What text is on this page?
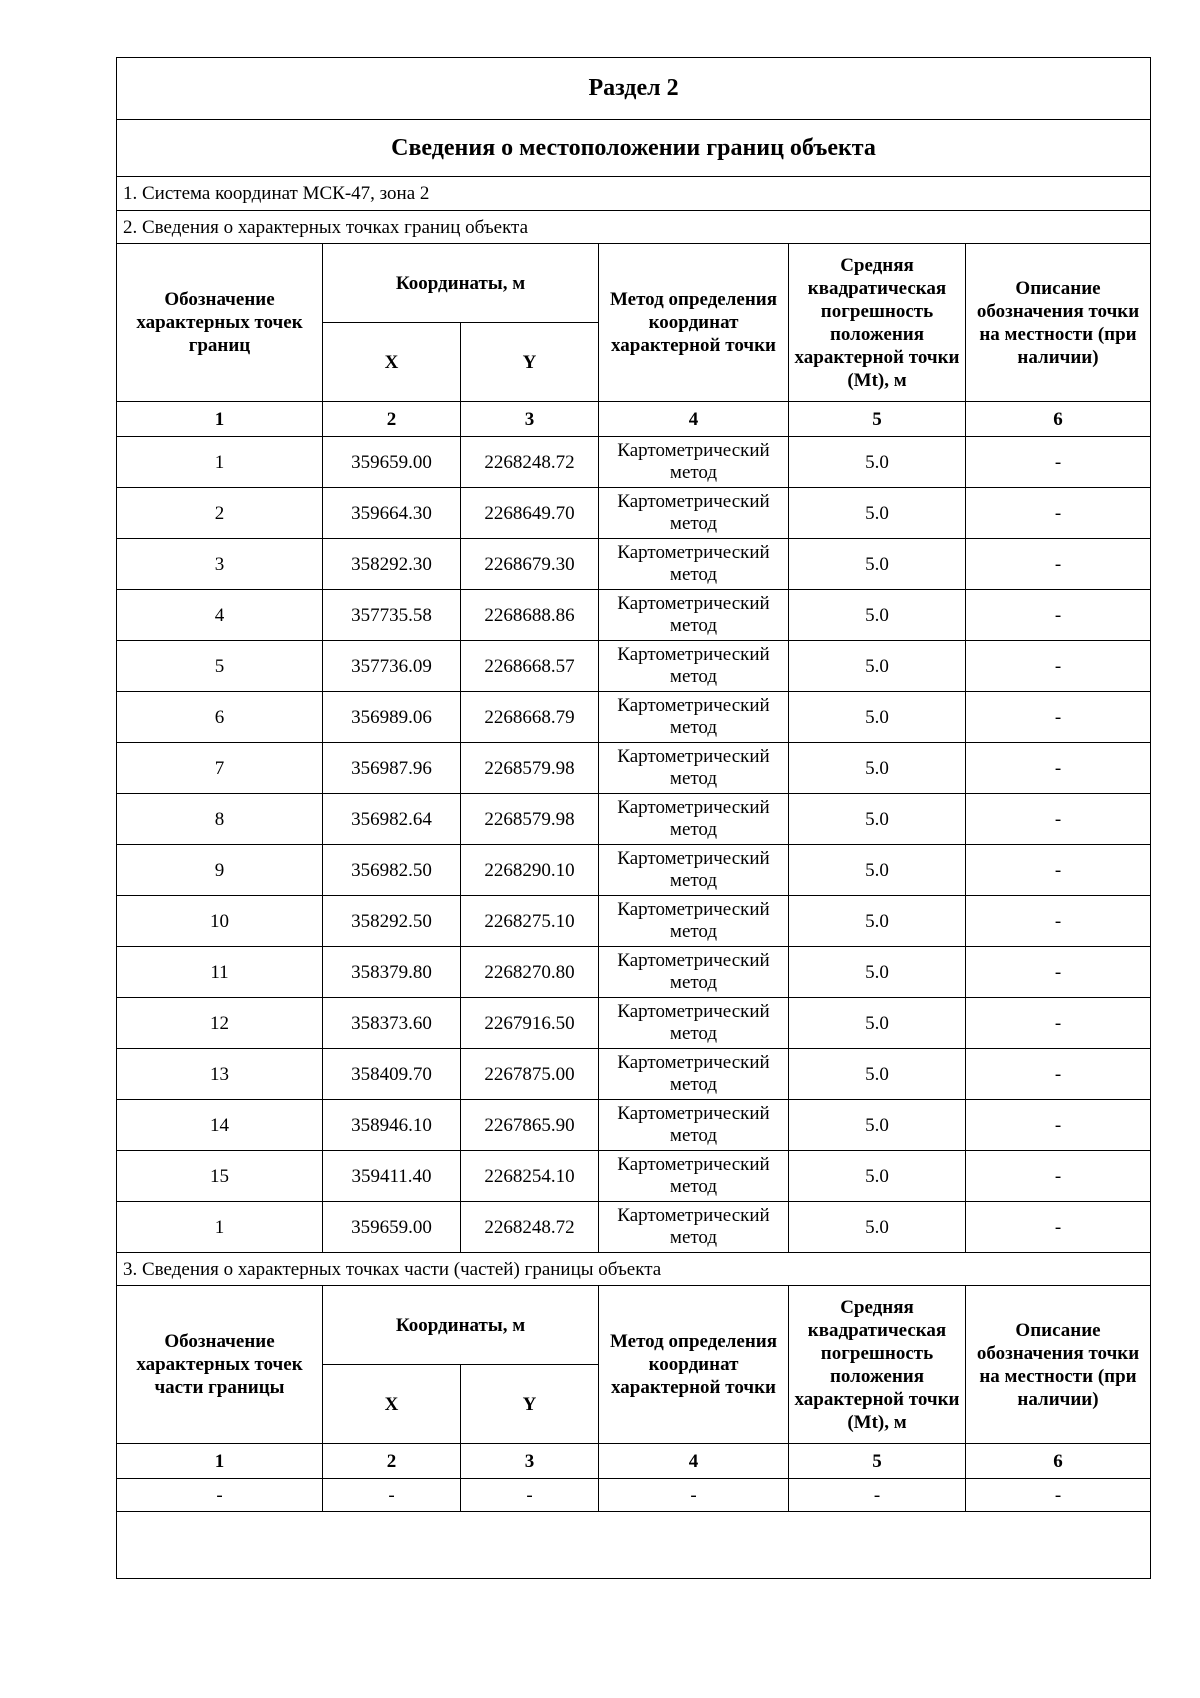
Раздел 2					
Сведения о местоположении границ объекта					
1. Система координат МСК-47, зона 2					
2. Сведения о характерных точках границ объекта					
Обозначение характерных точек границ	Координаты, м		Метод определения координат характерной точки	Средняя квадратическая погрешность положения характерной точки (Mt), м	Описание обозначения точки на местности (при наличии)
	X	Y			
1	2	3	4	5	6
1	359659.00	2268248.72	Картометрический метод	5.0	-
2	359664.30	2268649.70	Картометрический метод	5.0	-
3	358292.30	2268679.30	Картометрический метод	5.0	-
4	357735.58	2268688.86	Картометрический метод	5.0	-
5	357736.09	2268668.57	Картометрический метод	5.0	-
6	356989.06	2268668.79	Картометрический метод	5.0	-
7	356987.96	2268579.98	Картометрический метод	5.0	-
8	356982.64	2268579.98	Картометрический метод	5.0	-
9	356982.50	2268290.10	Картометрический метод	5.0	-
10	358292.50	2268275.10	Картометрический метод	5.0	-
11	358379.80	2268270.80	Картометрический метод	5.0	-
12	358373.60	2267916.50	Картометрический метод	5.0	-
13	358409.70	2267875.00	Картометрический метод	5.0	-
14	358946.10	2267865.90	Картометрический метод	5.0	-
15	359411.40	2268254.10	Картометрический метод	5.0	-
1	359659.00	2268248.72	Картометрический метод	5.0	-
3. Сведения о характерных точках части (частей) границы объекта					
Обозначение характерных точек части границы	Координаты, м		Метод определения координат характерной точки	Средняя квадратическая погрешность положения характерной точки (Mt), м	Описание обозначения точки на местности (при наличии)
	X	Y			
1	2	3	4	5	6
-	-	-	-	-	-
